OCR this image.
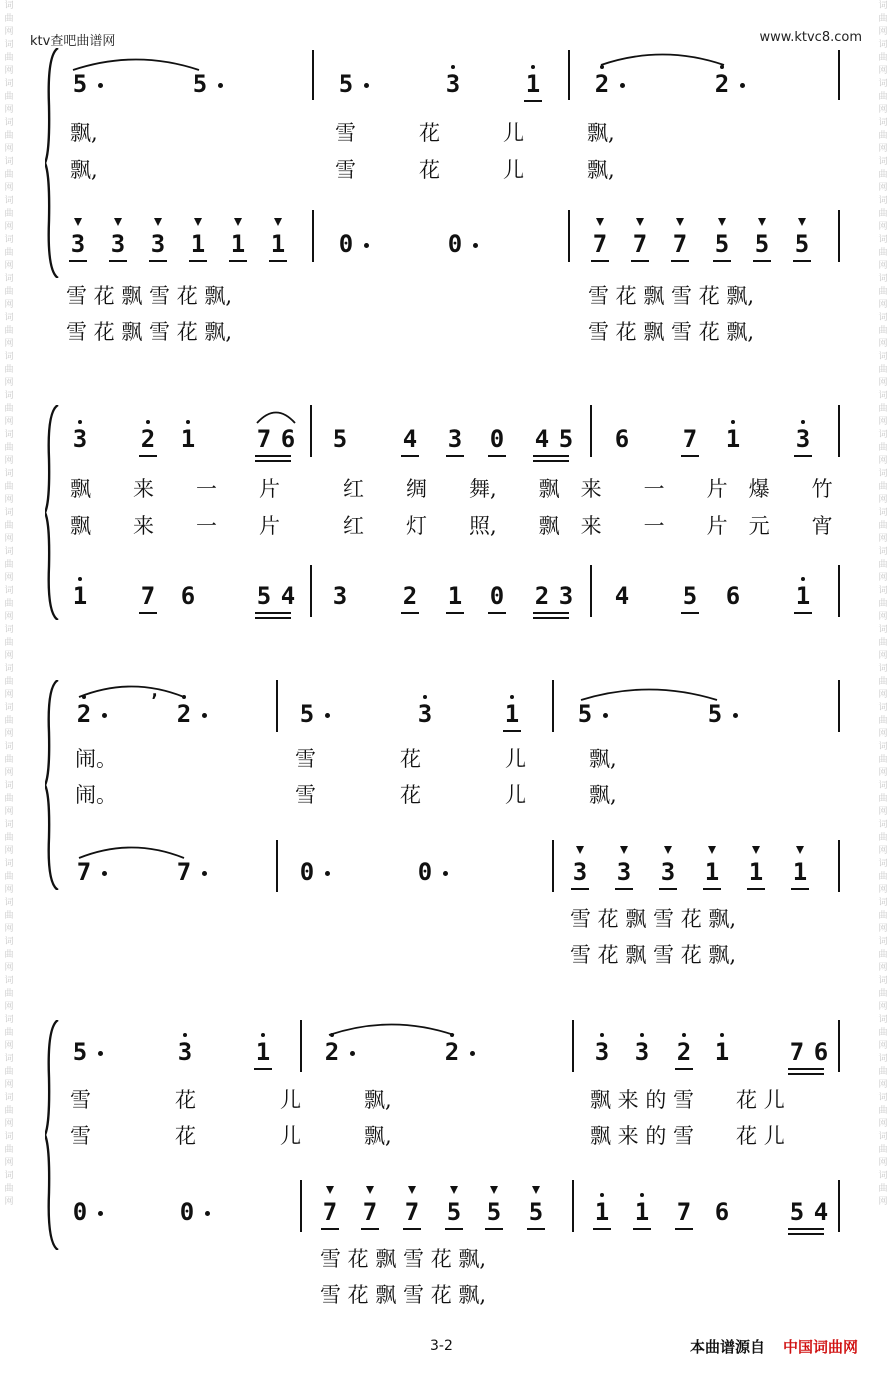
词曲网词曲网词曲网词曲网词曲网词曲网词曲网词曲网词曲网词曲网词曲网词曲网词曲网词曲网词曲网词曲网词曲网词曲网词曲网词曲网词曲网词曲网词曲网词曲网词曲网词曲网词曲网词曲网词曲网词曲网词曲网
词曲网词曲网词曲网词曲网词曲网词曲网词曲网词曲网词曲网词曲网词曲网词曲网词曲网词曲网词曲网词曲网词曲网词曲网词曲网词曲网词曲网词曲网词曲网词曲网词曲网词曲网词曲网词曲网词曲网词曲网词曲网
ktv查吧曲谱网	www.ktvc8.com
5	5	5	3	1 2	2
3 3 3 1 1 1 0	0	7 7 7 5 5 5
3 2 1	7 6 5 4 3 0 4 5 6 7 1 3
1 7 6	5 4 3 2 1 0 2 3 4 5 6 1
2	2
ʼ	5	3	1 5	5
7	7	0	0	3 3 3 1 1 1
5	3	1 2	2	3 3 2 1	7 6
0	0	7 7 7 5 5 5 1 1 7 6	5 4
飘,	雪　　　花　　　儿　　　飘,
飘,	雪　　　花　　　儿　　　飘,
雪 花 飘 雪 花 飘,
雪 花 飘 雪 花 飘,
雪 花 飘 雪 花 飘,
雪 花 飘 雪 花 飘,
飘　　来　　一　　片　　　红　　绸　　舞,　　飘　来　　一　　片　爆　　竹
飘　　来　　一　　片　　　红　　灯　　照,　　飘　来　　一　　片　元　　宵
闹。	雪　　　　花　　　　儿　　　飘,
闹。	雪　　　　花　　　　儿　　　飘,
雪 花 飘 雪 花 飘,
雪 花 飘 雪 花 飘,
雪　　　　花　　　　儿　　　飘,	飘 来 的 雪　　花 儿
雪　　　　花　　　　儿　　　飘,	飘 来 的 雪　　花 儿
雪 花 飘 雪 花 飘,
雪 花 飘 雪 花 飘,
3-2	本曲谱源自 中国词曲网
